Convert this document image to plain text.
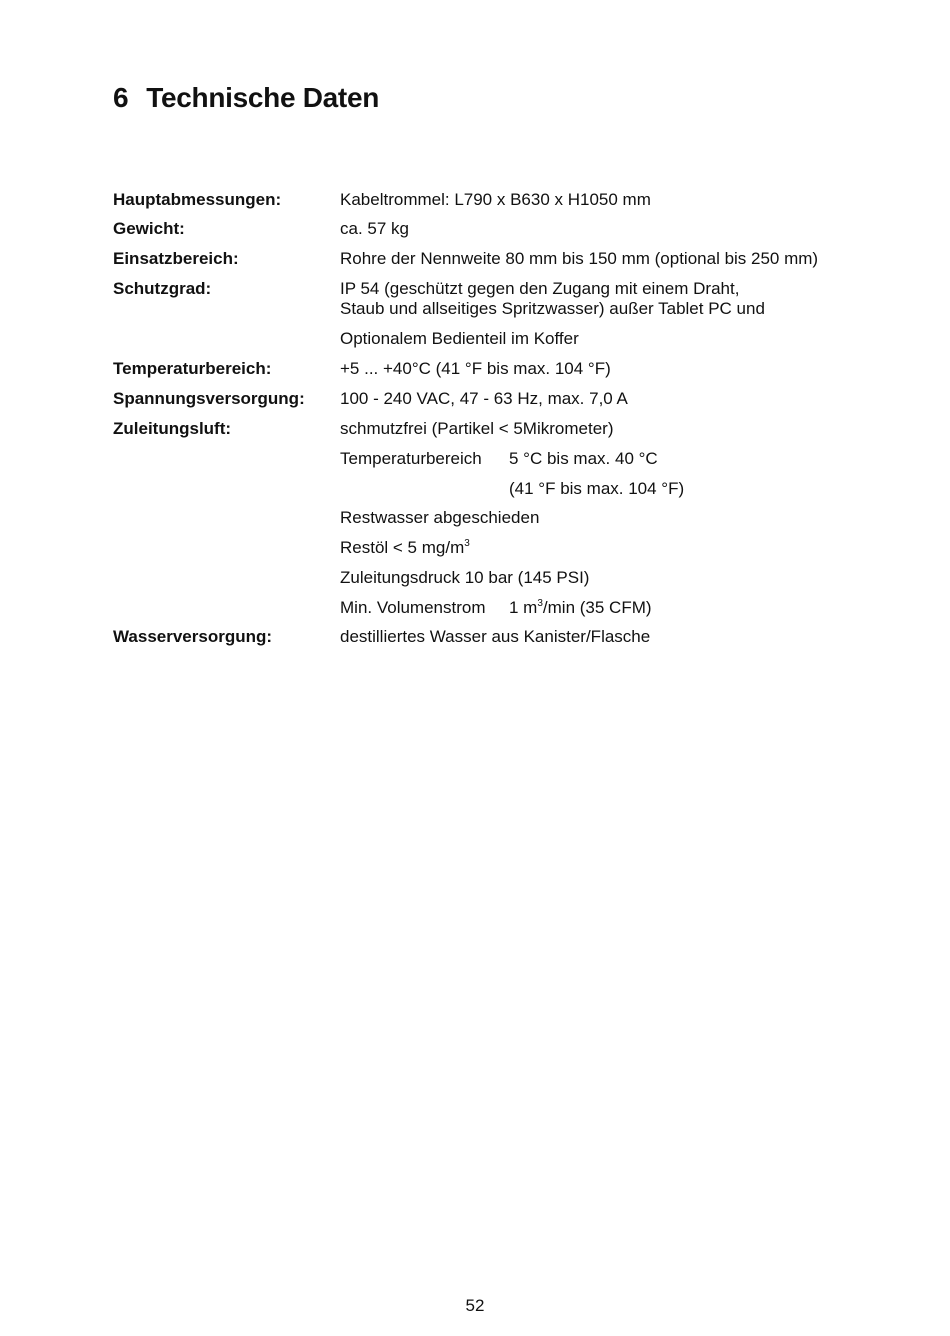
6 Technische Daten
Hauptabmessungen:	Kabeltrommel: L790 x B630 x H1050 mm
Gewicht:	ca. 57 kg
Einsatzbereich:	Rohre der Nennweite 80 mm bis 150 mm (optional bis 250 mm)
Schutzgrad:	IP 54 (geschützt gegen den Zugang mit einem Draht,
Staub und allseitiges Spritzwasser) außer Tablet PC und
Optionalem Bedienteil im Koffer
Temperaturbereich:	+5 ... +40°C (41 °F bis max. 104 °F)
Spannungsversorgung: 100 - 240 VAC, 47 - 63 Hz, max. 7,0 A
Zuleitungsluft:	schmutzfrei (Partikel < 5Mikrometer)
Temperaturbereich 5 °C bis max. 40 °C
(41 °F bis max. 104 °F)
Restwasser abgeschieden
Restöl < 5 $mg/m^3$
Zuleitungsdruck 10 bar (145 PSI)
Min. Volumenstrom 1 $m^3/\min$ (35 CFM)
Wasserversorgung:	destilliertes Wasser aus Kanister/Flasche
52
